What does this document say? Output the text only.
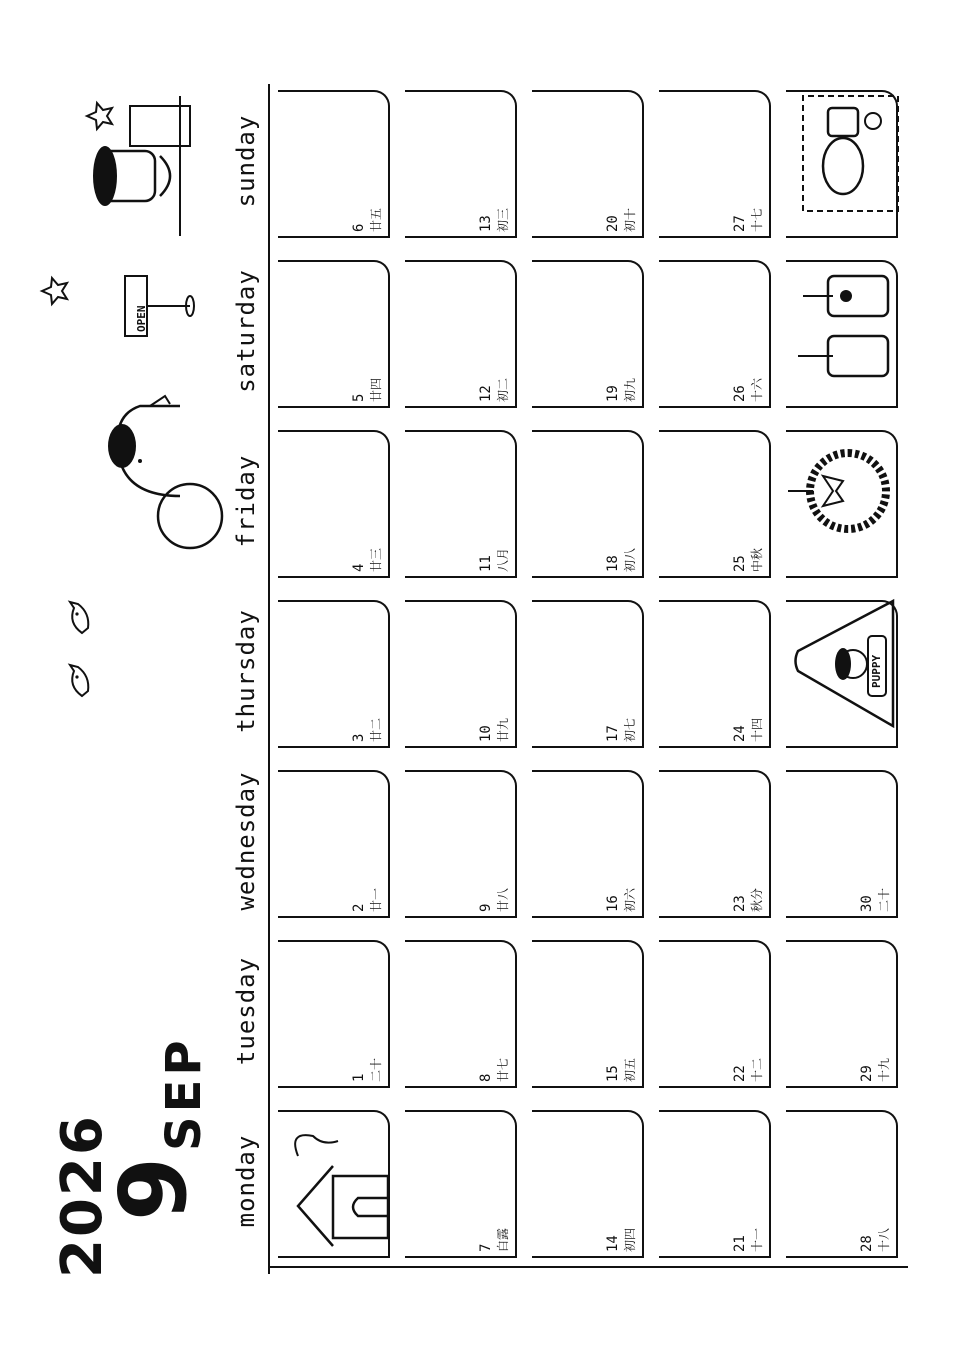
2026
9
SEP
OPEN
monday
tuesday
wednesday
thursday
friday
saturday
sunday
1 二十
2 廿一
3 廿二
4 廿三
5 廿四
6 廿五
7 白露
8 廿七
9 廿八
10 廿九
11 八月
12 初二
13 初三
14 初四
15 初五
16 初六
17 初七
18 初八
19 初九
20 初十
21 十一
22 十二
23 秋分
24 十四
25 中秋
26 十六
27 十七
28 十八
29 十九
30 二十
PUPPY
